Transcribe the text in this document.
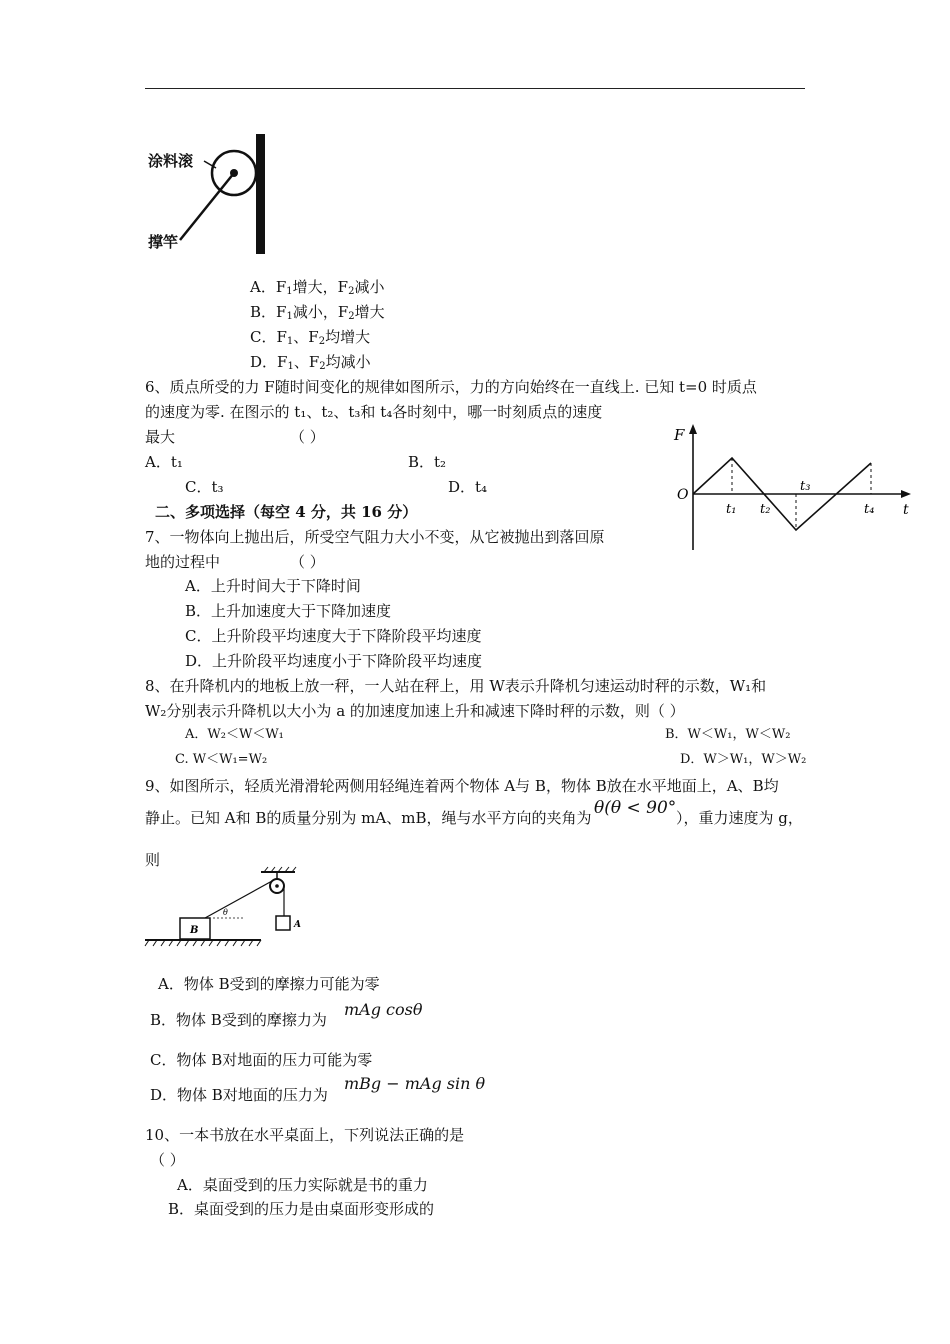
涂料滚
撑竿
A．$F_1$增大，$F_2$减小
B．$F_1$减小，$F_2$增大
C．$F_1$、$F_2$均增大
D．$F_1$、$F_2$均减小
6、质点所受的力 F随时间变化的规律如图所示，力的方向始终在一直线上. 已知 t=0 时质点
的速度为零. 在图示的 t₁、t₂、t₃和 t₄各时刻中，哪一时刻质点的速度
最大	（ ）
A．t₁	B．t₂
C．t₃	D．t₄
F
O
t
t₁ t₂
t₃
t₄
二、多项选择（每空 4 分，共 16 分）
7、一物体向上抛出后，所受空气阻力大小不变，从它被抛出到落回原
地的过程中	（ ）
A．上升时间大于下降时间
B．上升加速度大于下降加速度
C．上升阶段平均速度大于下降阶段平均速度
D．上升阶段平均速度小于下降阶段平均速度
8、在升降机内的地板上放一秤，一人站在秤上，用 W表示升降机匀速运动时秤的示数，W₁和
W₂分别表示升降机以大小为 a 的加速度加速上升和减速下降时秤的示数，则（ ）
A．W₂＜W＜W₁	B．W＜W₁，W＜W₂
C. W＜W₁=W₂	D．W＞W₁，W＞W₂
9、如图所示，轻质光滑滑轮两侧用轻绳连着两个物体 A与 B，物体 B放在水平地面上，A、B均
静止。已知 A和 B的质量分别为 mA、mB，绳与水平方向的夹角为 θ(θ < 90° ），重力速度为 g，
则
B	A
θ
A．物体 B受到的摩擦力可能为零
B．物体 B受到的摩擦力为
mAg cosθ
C．物体 B对地面的压力可能为零
D．物体 B对地面的压力为
mBg − mAg sin θ
10、一本书放在水平桌面上，下列说法正确的是
（ ）
A．桌面受到的压力实际就是书的重力
B．桌面受到的压力是由桌面形变形成的
